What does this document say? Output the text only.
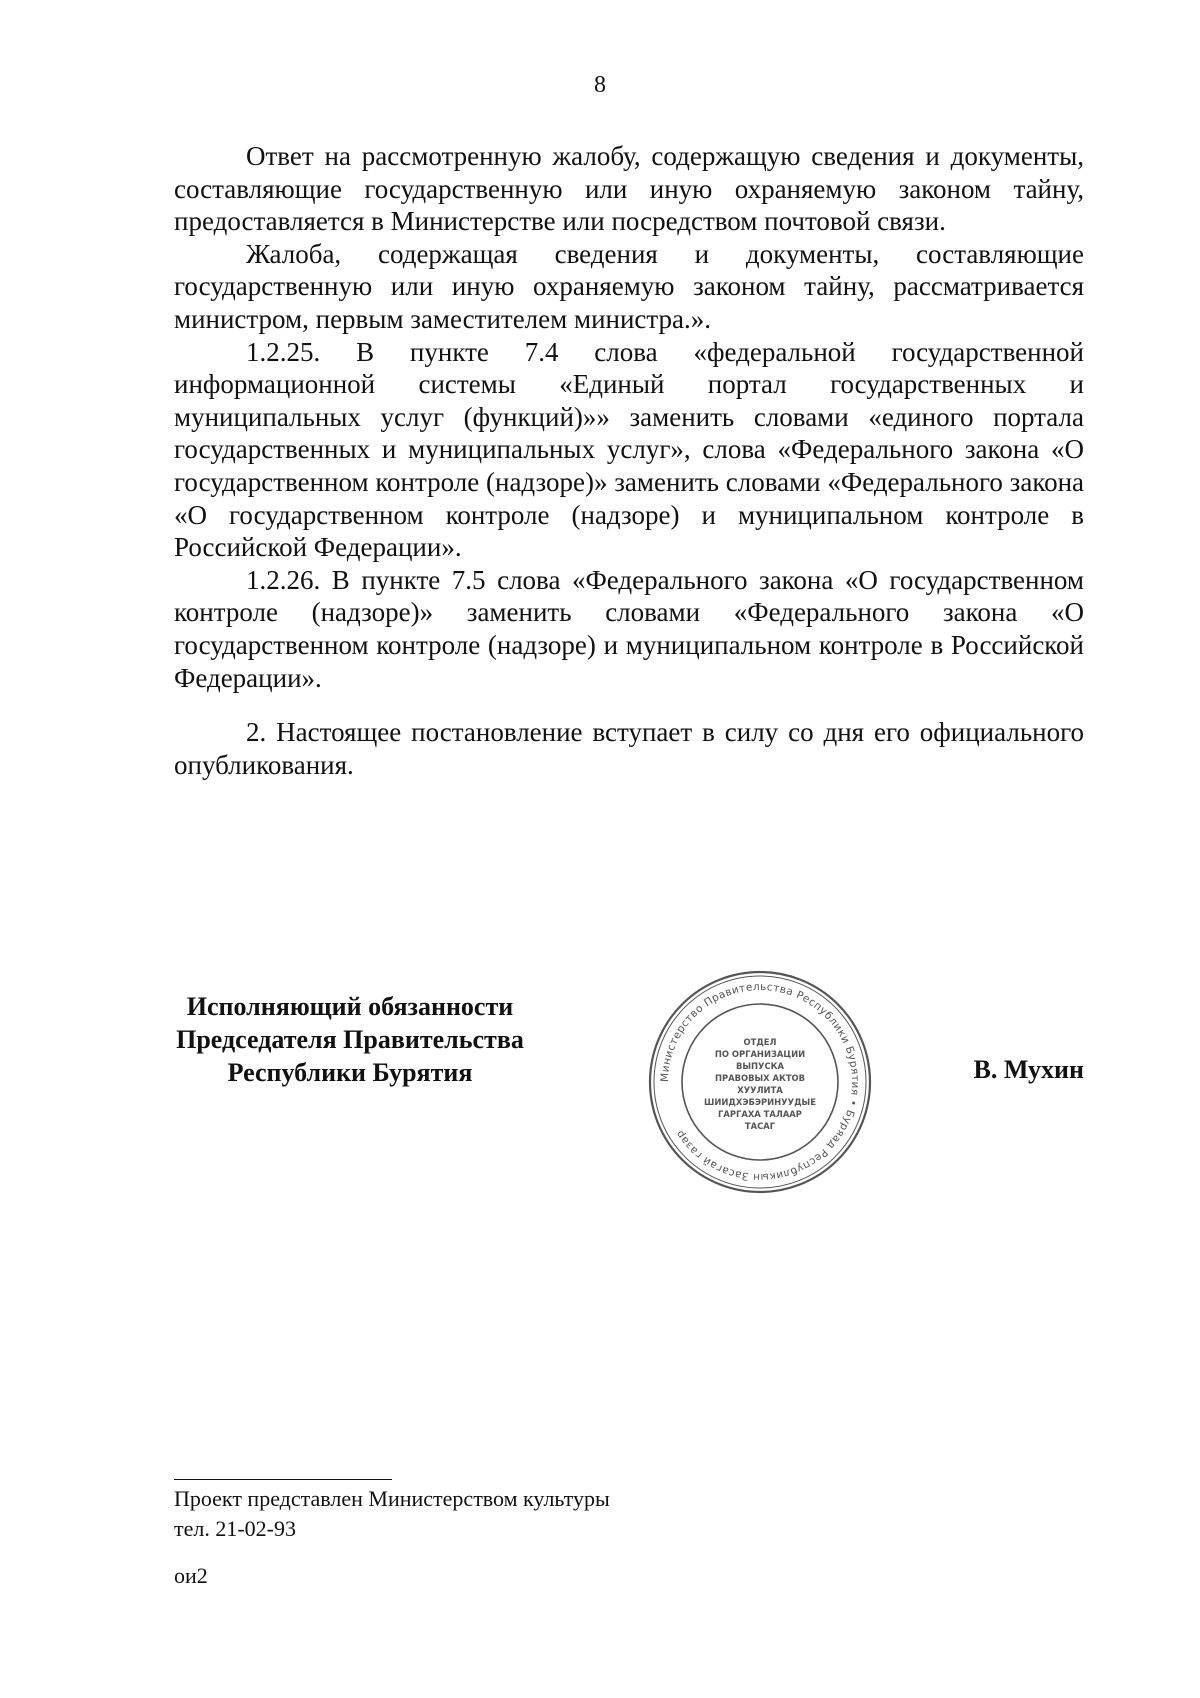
8

Ответ на рассмотренную жалобу, содержащую сведения и документы, составляющие государственную или иную охраняемую законом тайну, предоставляется в Министерстве или посредством почтовой связи.

Жалоба, содержащая сведения и документы, составляющие государственную или иную охраняемую законом тайну, рассматривается министром, первым заместителем министра.».

1.2.25. В пункте 7.4 слова «федеральной государственной информационной системы «Единый портал государственных и муниципальных услуг (функций)»» заменить словами «единого портала государственных и муниципальных услуг», слова «Федерального закона «О государственном контроле (надзоре)» заменить словами «Федерального закона «О государственном контроле (надзоре) и муниципальном контроле в Российской Федерации».

1.2.26. В пункте 7.5 слова «Федерального закона «О государственном контроле (надзоре)» заменить словами «Федерального закона «О государственном контроле (надзоре) и муниципальном контроле в Российской Федерации».

2. Настоящее постановление вступает в силу со дня его официального опубликования.

Исполняющий обязанности
Председателя Правительства
Республики Бурятия	Министерство Правительства Республики Бурятия • Буряад Республикын Засагай газар
ОТДЕЛ
ПО ОРГАНИЗАЦИИ
ВЫПУСКА
ПРАВОВЫХ АКТОВ
ХУУЛИТА
ШИИДХЭБЭРИНУУДЫЕ
ГАРГАХА ТАЛААР
ТАСАГ
В. Мухин
Проект представлен Министерством культуры
тел. 21-02-93
ои2
